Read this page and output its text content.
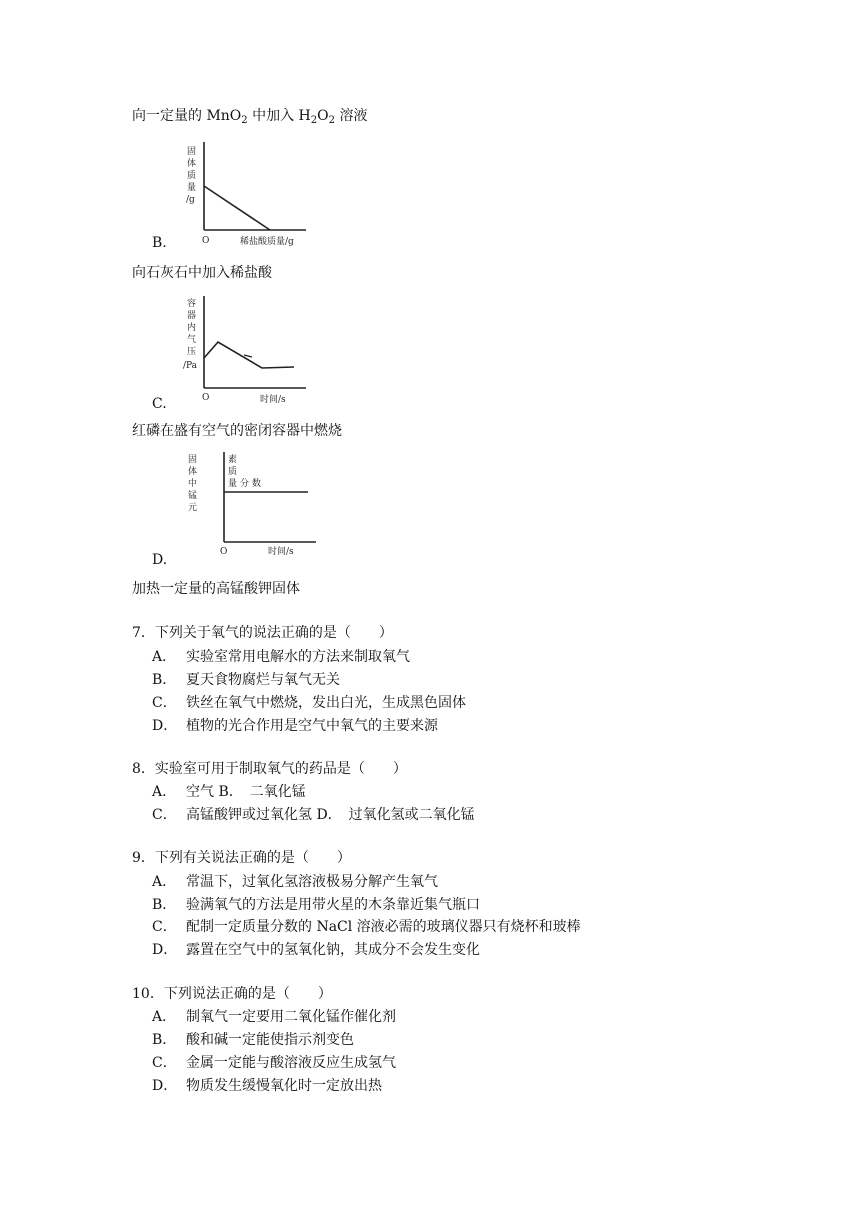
向一定量的 MnO$_2$ 中加入 $H_2O_2$ 溶液
B.
固
体
质
量
/g
O	稀盐酸质量/g
向石灰石中加入稀盐酸
C.
容
器
内
气
压
/Pa
O	时间/s
红磷在盛有空气的密闭容器中燃烧
D.
固
体
中
锰
元
素
质
量 分 数
O	时间/s
加热一定量的高锰酸钾固体
7．下列关于氧气的说法正确的是（　　）
A． 实验室常用电解水的方法来制取氧气
B． 夏天食物腐烂与氧气无关
C． 铁丝在氧气中燃烧，发出白光，生成黑色固体
D． 植物的光合作用是空气中氧气的主要来源
8．实验室可用于制取氧气的药品是（　　）
A． 空气 B．　二氧化锰
C． 高锰酸钾或过氧化氢 D．　过氧化氢或二氧化锰
9．下列有关说法正确的是（　　）
A． 常温下，过氧化氢溶液极易分解产生氧气
B． 验满氧气的方法是用带火星的木条靠近集气瓶口
C． 配制一定质量分数的 NaCl 溶液必需的玻璃仪器只有烧杯和玻棒
D． 露置在空气中的氢氧化钠，其成分不会发生变化
10．下列说法正确的是（　　）
A． 制氧气一定要用二氧化锰作催化剂
B． 酸和碱一定能使指示剂变色
C． 金属一定能与酸溶液反应生成氢气
D． 物质发生缓慢氧化时一定放出热
